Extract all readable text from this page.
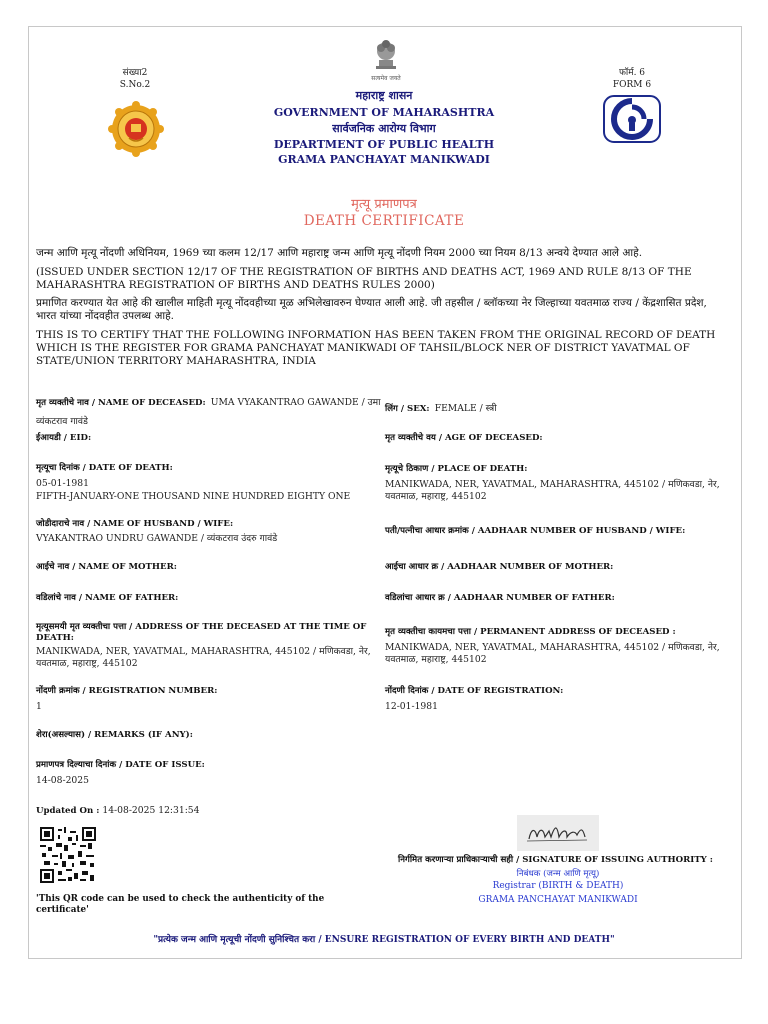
सत्यमेव जयते
संख्या2
S.No.2
फॉर्म. 6
FORM 6
महाराष्ट्र शासन
GOVERNMENT OF MAHARASHTRA
सार्वजनिक आरोग्य विभाग
DEPARTMENT OF PUBLIC HEALTH
GRAMA PANCHAYAT MANIKWADI
मृत्यू प्रमाणपत्र
DEATH CERTIFICATE
जन्म आणि मृत्यू नोंदणी अधिनियम, 1969 च्या कलम 12/17 आणि महाराष्ट्र जन्म आणि मृत्यू नोंदणी नियम 2000 च्या नियम 8/13 अन्वये देण्यात आले आहे.
(ISSUED UNDER SECTION 12/17 OF THE REGISTRATION OF BIRTHS AND DEATHS ACT, 1969 AND RULE 8/13 OF THE MAHARASHTRA REGISTRATION OF BIRTHS AND DEATHS RULES 2000)
प्रमाणित करण्यात येत आहे की खालील माहिती मृत्यू नोंदवहीच्या मूळ अभिलेखावरुन घेण्यात आली आहे. जी तहसील / ब्लॉकच्या नेर जिल्हाच्या यवतमाळ राज्य / केंद्रशासित प्रदेश, भारत यांच्या नोंदवहीत उपलब्ध आहे.
THIS IS TO CERTIFY THAT THE FOLLOWING INFORMATION HAS BEEN TAKEN FROM THE ORIGINAL RECORD OF DEATH WHICH IS THE REGISTER FOR GRAMA PANCHAYAT MANIKWADI OF TAHSIL/BLOCK NER OF DISTRICT YAVATMAL OF STATE/UNION TERRITORY MAHARASHTRA, INDIA
मृत व्यक्तीचे नाव / NAME OF DECEASED: UMA VYAKANTRAO GAWANDE / उमा व्यंकटराव गावंडे
लिंग / SEX: FEMALE / स्त्री
ईआयडी / EID:	मृत व्यक्तीचे वय / AGE OF DECEASED:
मृत्यूचा दिनांक / DATE OF DEATH:
05-01-1981
FIFTH-JANUARY-ONE THOUSAND NINE HUNDRED EIGHTY ONE
मृत्यूचे ठिकाण / PLACE OF DEATH:
MANIKWADA, NER, YAVATMAL, MAHARASHTRA, 445102 / मणिकवडा, नेर, यवतमाळ, महाराष्ट्र, 445102
जोडीदाराचे नाव / NAME OF HUSBAND / WIFE:
VYAKANTRAO UNDRU GAWANDE / व्यंकटराव उंदरु गावंडे
पती/पत्नीचा आधार क्रमांक / AADHAAR NUMBER OF HUSBAND / WIFE:
आईचे नाव / NAME OF MOTHER:	आईचा आधार क्र / AADHAAR NUMBER OF MOTHER:
वडिलांचे नाव / NAME OF FATHER:	वडिलांचा आधार क्र / AADHAAR NUMBER OF FATHER:
मृत्यूसमयी मृत व्यक्तीचा पत्ता / ADDRESS OF THE DECEASED AT THE TIME OF DEATH:
MANIKWADA, NER, YAVATMAL, MAHARASHTRA, 445102 / मणिकवडा, नेर, यवतमाळ, महाराष्ट्र, 445102
मृत व्यक्तीचा कायमचा पत्ता / PERMANENT ADDRESS OF DECEASED :
MANIKWADA, NER, YAVATMAL, MAHARASHTRA, 445102 / मणिकवडा, नेर, यवतमाळ, महाराष्ट्र, 445102
नोंदणी क्रमांक / REGISTRATION NUMBER:
1
नोंदणी दिनांक / DATE OF REGISTRATION:
12-01-1981
शेरा(असल्यास) / REMARKS (IF ANY):
प्रमाणपत्र दिल्याचा दिनांक / DATE OF ISSUE:
14-08-2025
Updated On : 14-08-2025 12:31:54
'This QR code can be used to check the authenticity of the certificate'
निर्गमित करणाऱ्या प्राधिकाऱ्याची सही / SIGNATURE OF ISSUING AUTHORITY :
निबंधक (जन्म आणि मृत्यू)
Registrar (BIRTH & DEATH)
GRAMA PANCHAYAT MANIKWADI
"प्रत्येक जन्म आणि मृत्यूची नोंदणी सुनिश्चित करा / ENSURE REGISTRATION OF EVERY BIRTH AND DEATH"
